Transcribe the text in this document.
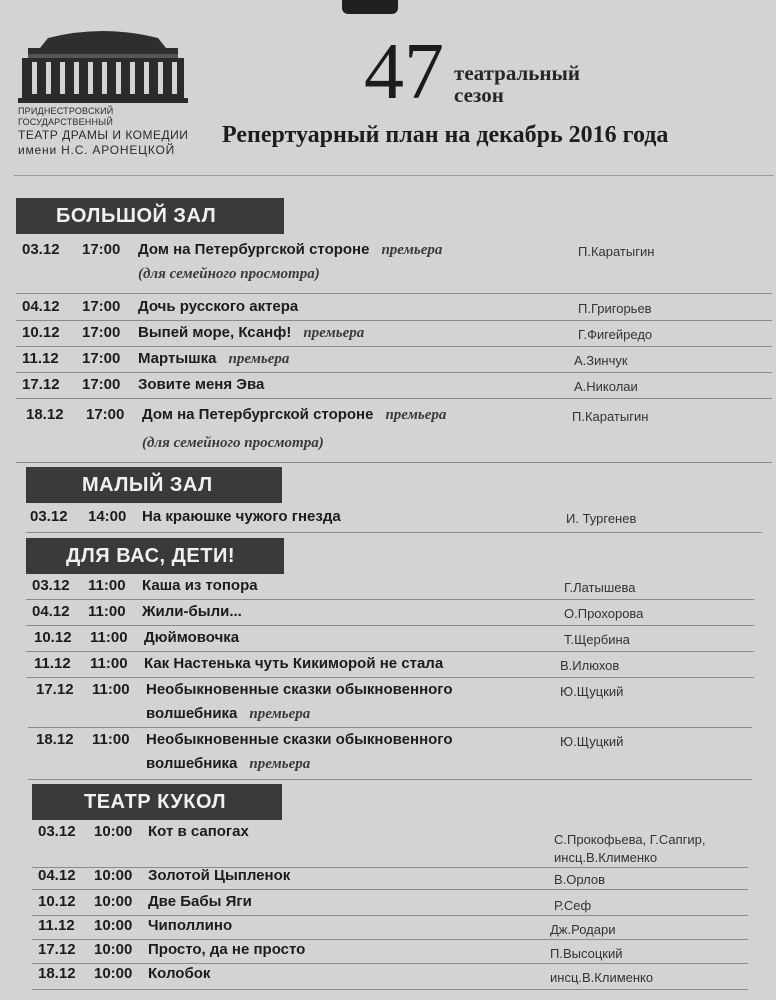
ПРИДНЕСТРОВСКИЙ ГОСУДАРСТВЕННЫЙ
ТЕАТР ДРАМЫ И КОМЕДИИ
имени Н.С. АРОНЕЦКОЙ
47 театральный
сезон
Репертуарный план на декабрь 2016 года
БОЛЬШОЙ ЗАЛ
03.12 17:00 Дом на Петербургской стороне премьера
(для семейного просмотра)
П.Каратыгин
04.12 17:00 Дочь русского актера	П.Григорьев
10.12 17:00 Выпей море, Ксанф! премьера	Г.Фигейредо
11.12 17:00 Мартышка премьера	А.Зинчук
17.12 17:00 Зовите меня Эва	А.Николаи
18.12 17:00 Дом на Петербургской стороне премьера
(для семейного просмотра)
П.Каратыгин
МАЛЫЙ ЗАЛ
03.12 14:00 На краюшке чужого гнезда	И. Тургенев
ДЛЯ ВАС, ДЕТИ!
03.12 11:00 Каша из топора	Г.Латышева
04.12 11:00 Жили-были...	О.Прохорова
10.12 11:00 Дюймовочка	Т.Щербина
11.12 11:00 Как Настенька чуть Кикиморой не стала	В.Илюхов
17.12 11:00 Необыкновенные сказки обыкновенного
волшебника премьера
Ю.Щуцкий
18.12 11:00 Необыкновенные сказки обыкновенного
волшебника премьера
Ю.Щуцкий
ТЕАТР КУКОЛ
03.12 10:00 Кот в сапогах	С.Прокофьева, Г.Сапгир,
инсц.В.Клименко
04.12 10:00 Золотой Цыпленок	В.Орлов
10.12 10:00 Две Бабы Яги	Р.Сеф
11.12 10:00 Чиполлино	Дж.Родари
17.12 10:00 Просто, да не просто	П.Высоцкий
18.12 10:00 Колобок	инсц.В.Клименко
